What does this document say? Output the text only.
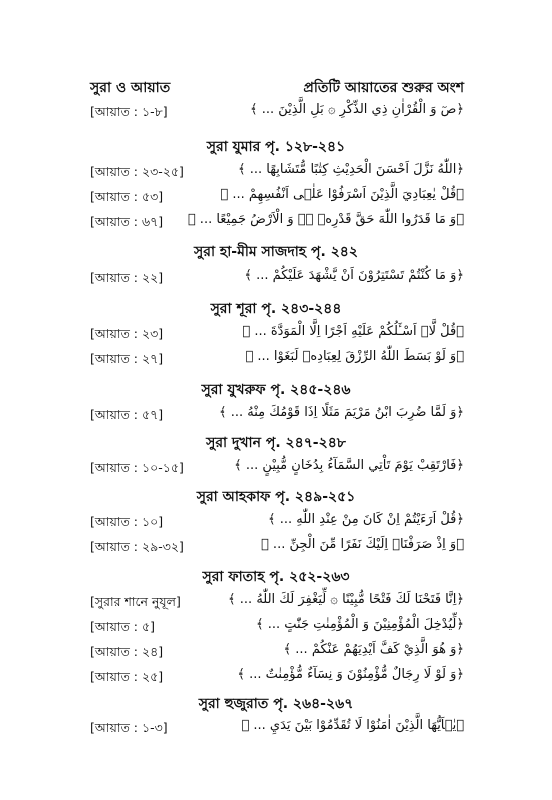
সুরা ও আয়াত	প্রতিটি আয়াতের শুরুর অংশ
[আয়াত : ১-৮]	﴿صٓ وَ الْقُرْاٰنِ ذِي الذِّكْرِ ۞ بَلِ الَّذِيْنَ ... ﴾
সুরা যুমার পৃ. ১২৮-২৪১
[আয়াত : ২৩-২৫]	﴿اللّٰهُ نَزَّلَ اَحْسَنَ الْحَدِيْثِ كِتٰبًا مُّتَشَابِهًا ... ﴾
[আয়াত : ৫৩]	﴿قُلْ يٰعِبَادِيَ الَّذِيْنَ اَسْرَفُوْا عَلٰۤى اَنْفُسِهِمْ ... ﴾
[আয়াত : ৬৭] ﴿وَ مَا قَدَرُوا اللّٰهَ حَقَّ قَدْرِهٖ ۖۗ وَ الْاَرْضُ جَمِيْعًا ... ﴾
সুরা হা-মীম সাজদাহ পৃ. ২৪২
[আয়াত : ২২]	﴿وَ مَا كُنْتُمْ تَسْتَتِرُوْنَ اَنْ يَّشْهَدَ عَلَيْكُمْ ... ﴾
সুরা শূরা পৃ. ২৪৩-২৪৪
[আয়াত : ২৩]	﴿قُلْ لَّاۤ اَسْـَٔلُكُمْ عَلَيْهِ اَجْرًا اِلَّا الْمَوَدَّةَ ... ﴾
[আয়াত : ২৭]	﴿وَ لَوْ بَسَطَ اللّٰهُ الرِّزْقَ لِعِبَادِهٖ لَبَغَوْا ... ﴾
সুরা যুখরুফ পৃ. ২৪৫-২৪৬
[আয়াত : ৫৭]	﴿وَ لَمَّا ضُرِبَ ابْنُ مَرْيَمَ مَثَلًا اِذَا قَوْمُكَ مِنْهُ ... ﴾
সুরা দুখান পৃ. ২৪৭-২৪৮
[আয়াত : ১০-১৫]	﴿فَارْتَقِبْ يَوْمَ تَاْتِي السَّمَآءُ بِدُخَانٍ مُّبِيْنٍ ... ﴾
সুরা আহকাফ পৃ. ২৪৯-২৫১
[আয়াত : ১০]	﴿قُلْ اَرَءَيْتُمْ اِنْ كَانَ مِنْ عِنْدِ اللّٰهِ ... ﴾
[আয়াত : ২৯-৩২]	﴿وَ اِذْ صَرَفْنَاۤ اِلَيْكَ نَفَرًا مِّنَ الْجِنِّ ... ﴾
সুরা ফাতাহ পৃ. ২৫২-২৬৩
[সুরার শানে নুযূল]	﴿اِنَّا فَتَحْنَا لَكَ فَتْحًا مُّبِيْنًا ۞ لِّيَغْفِرَ لَكَ اللّٰهُ ... ﴾
[আয়াত : ৫]	﴿لِّيُدْخِلَ الْمُؤْمِنِيْنَ وَ الْمُؤْمِنٰتِ جَنّٰتٍ ... ﴾
[আয়াত : ২৪]	﴿وَ هُوَ الَّذِيْ كَفَّ اَيْدِيَهُمْ عَنْكُمْ ... ﴾
[আয়াত : ২৫]	﴿وَ لَوْ لَا رِجَالٌ مُّؤْمِنُوْنَ وَ نِسَآءٌ مُّؤْمِنٰتٌ ... ﴾
সুরা হুজুরাত পৃ. ২৬৪-২৬৭
[আয়াত : ১-৩]	﴿يٰۤاَيُّهَا الَّذِيْنَ اٰمَنُوْا لَا تُقَدِّمُوْا بَيْنَ يَدَيِ ... ﴾
